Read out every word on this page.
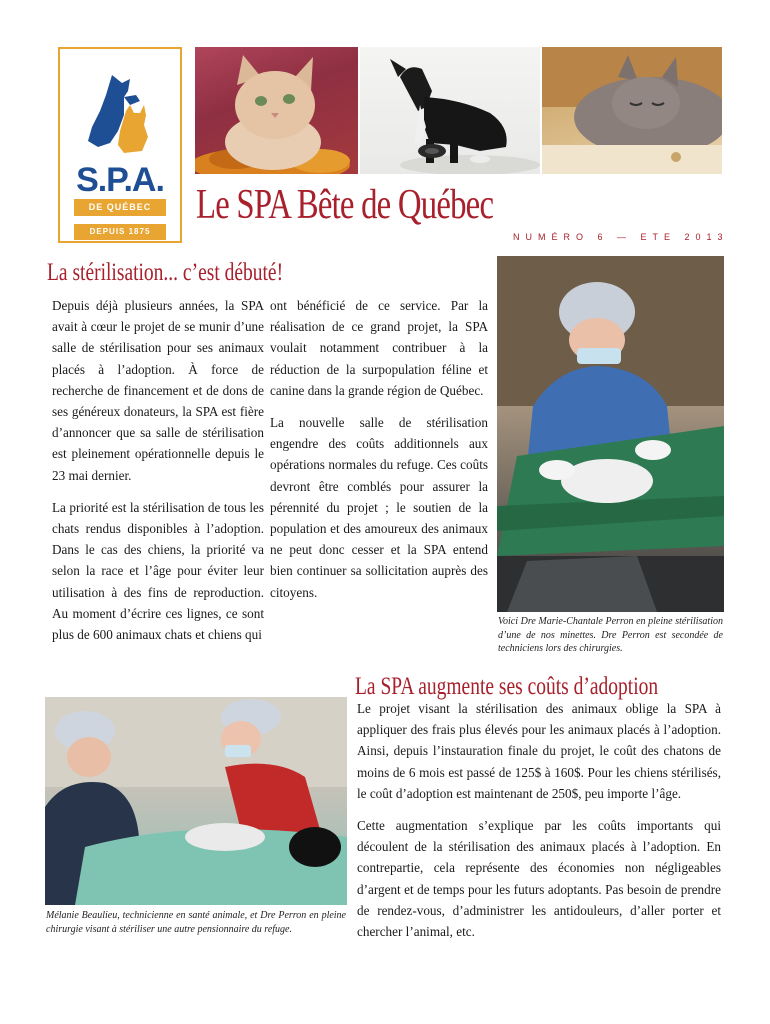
S.P.A.
DE QUÉBEC
DEPUIS 1875
Le SPA Bête de Québec
NUMÉRO 6 — ETE 2013
La stérilisation... c’est débuté!

Depuis déjà plusieurs années, la SPA avait à cœur le projet de se munir d’une salle de stérilisation pour ses animaux placés à l’adoption. À force de recherche de financement et de dons de ses généreux donateurs, la SPA est fière d’annoncer que sa salle de stérilisation est pleinement opérationnelle depuis le 23 mai dernier.

La priorité est la stérilisation de tous les chats rendus disponibles à l’adoption. Dans le cas des chiens, la priorité va selon la race et l’âge pour éviter leur utilisation à des fins de reproduction. Au moment d’écrire ces lignes, ce sont plus de 600 animaux chats et chiens qui

ont bénéficié de ce service. Par la réalisation de ce grand projet, la SPA voulait notamment contribuer à la réduction de la surpopulation féline et canine dans la grande région de Québec.

La nouvelle salle de stérilisation engendre des coûts additionnels aux opérations normales du refuge. Ces coûts devront être comblés pour assurer la pérennité du projet ; le soutien de la population et des amoureux des animaux ne peut donc cesser et la SPA entend bien continuer sa sollicitation auprès des citoyens.

Voici Dre Marie-Chantale Perron en pleine stérilisation d’une de nos minettes. Dre Perron est secondée de techniciens lors des chirurgies.
Mélanie Beaulieu, technicienne en santé animale, et Dre Perron en pleine chirurgie visant à stériliser une autre pensionnaire du refuge.
La SPA augmente ses coûts d’adoption

Le projet visant la stérilisation des animaux oblige la SPA à appliquer des frais plus élevés pour les animaux placés à l’adoption. Ainsi, depuis l’instauration finale du projet, le coût des chatons de moins de 6 mois est passé de 125$ à 160$. Pour les chiens stérilisés, le coût d’adoption est maintenant de 250$, peu importe l’âge.

Cette augmentation s’explique par les coûts importants qui découlent de la stérilisation des animaux placés à l’adoption. En contrepartie, cela représente des économies non négligeables d’argent et de temps pour les futurs adoptants. Pas besoin de prendre de rendez-vous, d’administrer les antidouleurs, d’aller porter et chercher l’animal, etc.
